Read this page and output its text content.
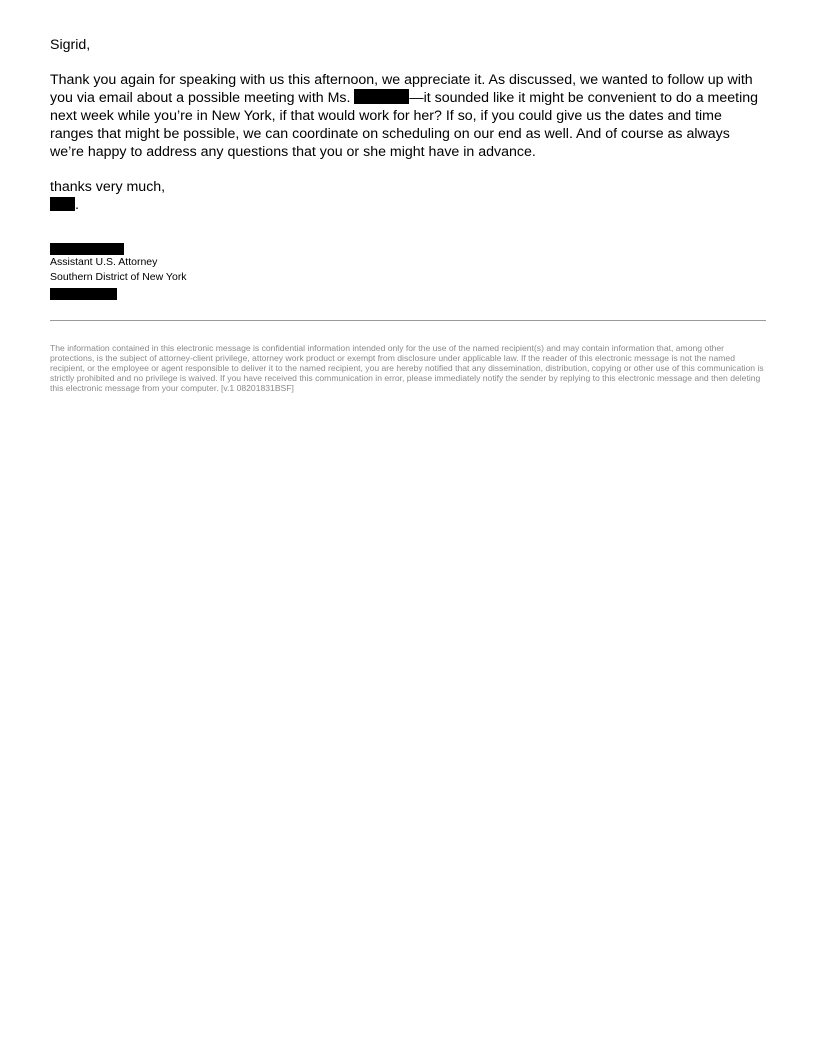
Sigrid,

Thank you again for speaking with us this afternoon, we appreciate it. As discussed, we wanted to follow up with you via email about a possible meeting with Ms.	—it sounded like it might be convenient to do a meeting next week while you’re in New York, if that would work for her? If so, if you could give us the dates and time ranges that might be possible, we can coordinate on scheduling on our end as well. And of course as always we’re happy to address any questions that you or she might have in advance.

thanks very much,

.

Assistant U.S. Attorney

Southern District of New York

The information contained in this electronic message is confidential information intended only for the use of the named recipient(s) and may contain information that, among other protections, is the subject of attorney-client privilege, attorney work product or exempt from disclosure under applicable law. If the reader of this electronic message is not the named recipient, or the employee or agent responsible to deliver it to the named recipient, you are hereby notified that any dissemination, distribution, copying or other use of this communication is strictly prohibited and no privilege is waived. If you have received this communication in error, please immediately notify the sender by replying to this electronic message and then deleting this electronic message from your computer. [v.1 08201831BSF]
